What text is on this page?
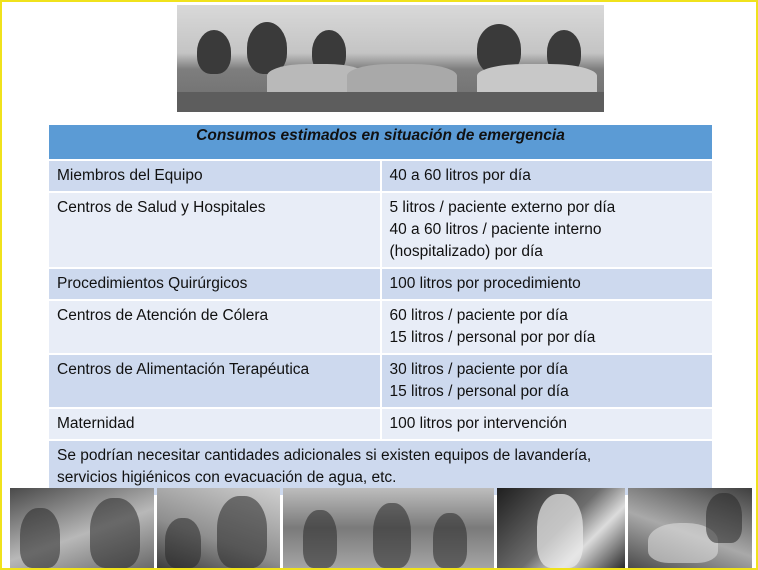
Consumos estimados en situación de emergencia	
Miembros del Equipo	40 a 60 litros por día

Centros de Salud y Hospitales	5 litros / paciente externo por día
40 a 60 litros / paciente interno
(hospitalizado) por día

Procedimientos Quirúrgicos	100 litros por procedimiento

Centros de Atención de Cólera	60 litros / paciente por día
15 litros / personal por por día

Centros de Alimentación Terapéutica	30 litros / paciente por día
15 litros / personal por día

Maternidad	100 litros por intervención

Se podrían necesitar cantidades adicionales si existen equipos de lavandería,
servicios higiénicos con evacuación de agua, etc.	
